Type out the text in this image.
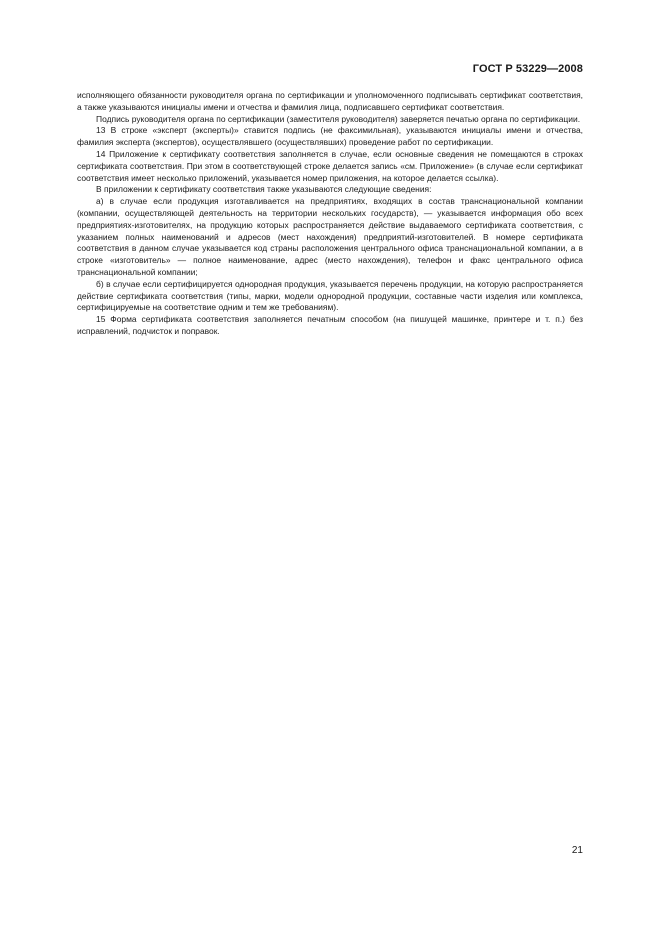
ГОСТ Р 53229—2008

исполняющего обязанности руководителя органа по сертификации и уполномоченного подписывать сертификат соответствия, а также указываются инициалы имени и отчества и фамилия лица, подписавшего сертификат соответствия.

Подпись руководителя органа по сертификации (заместителя руководителя) заверяется печатью органа по сертификации.

13 В строке «эксперт (эксперты)» ставится подпись (не факсимильная), указываются инициалы имени и отчества, фамилия эксперта (экспертов), осуществлявшего (осуществлявших) проведение работ по сертификации.

14 Приложение к сертификату соответствия заполняется в случае, если основные сведения не помещаются в строках сертификата соответствия. При этом в соответствующей строке делается запись «см. Приложение» (в случае если сертификат соответствия имеет несколько приложений, указывается номер приложения, на которое делается ссылка).

В приложении к сертификату соответствия также указываются следующие сведения:

а) в случае если продукция изготавливается на предприятиях, входящих в состав транснациональной компании (компании, осуществляющей деятельность на территории нескольких государств), — указывается информация обо всех предприятиях-изготовителях, на продукцию которых распространяется действие выдаваемого сертификата соответствия, с указанием полных наименований и адресов (мест нахождения) предприятий-изготовителей. В номере сертификата соответствия в данном случае указывается код страны расположения центрального офиса транснациональной компании, а в строке «изготовитель» — полное наименование, адрес (место нахождения), телефон и факс центрального офиса транснациональной компании;

б) в случае если сертифицируется однородная продукция, указывается перечень продукции, на которую распространяется действие сертификата соответствия (типы, марки, модели однородной продукции, составные части изделия или комплекса, сертифицируемые на соответствие одним и тем же требованиям).

15 Форма сертификата соответствия заполняется печатным способом (на пишущей машинке, принтере и т. п.) без исправлений, подчисток и поправок.

21
